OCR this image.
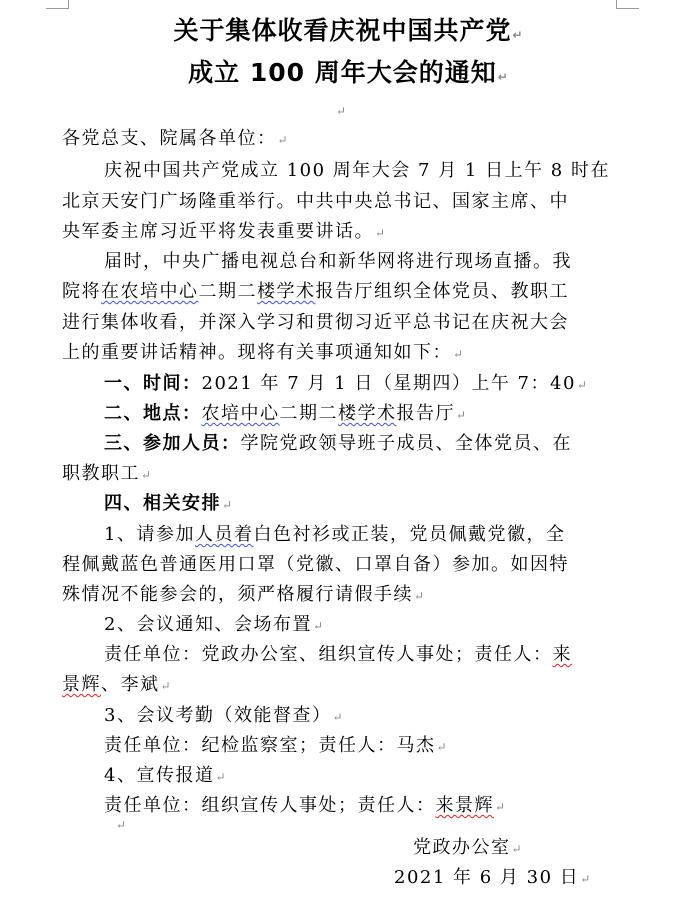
关于集体收看庆祝中国共产党↵
成立 100 周年大会的通知↵
↵
各党总支、院属各单位：↵
庆祝中国共产党成立 100 周年大会 7 月 1 日上午 8 时在
北京天安门广场隆重举行。中共中央总书记、国家主席、中
央军委主席习近平将发表重要讲话。↵
届时，中央广播电视总台和新华网将进行现场直播。我
院将在农培中心二期二楼学术报告厅组织全体党员、教职工
进行集体收看，并深入学习和贯彻习近平总书记在庆祝大会
上的重要讲话精神。现将有关事项通知如下：↵
一、时间：2021 年 7 月 1 日（星期四）上午 7：40↵
二、地点：农培中心二期二楼学术报告厅↵
三、参加人员：学院党政领导班子成员、全体党员、在
职教职工↵
四、相关安排↵
1、请参加人员着白色衬衫或正装，党员佩戴党徽，全
程佩戴蓝色普通医用口罩（党徽、口罩自备）参加。如因特
殊情况不能参会的，须严格履行请假手续↵
2、会议通知、会场布置↵
责任单位：党政办公室、组织宣传人事处；责任人：来
景辉、李斌↵
3、会议考勤（效能督查）↵
责任单位：纪检监察室；责任人：马杰↵
4、宣传报道↵
责任单位：组织宣传人事处；责任人：来景辉↵
↵
党政办公室↵
2021 年 6 月 30 日↵
